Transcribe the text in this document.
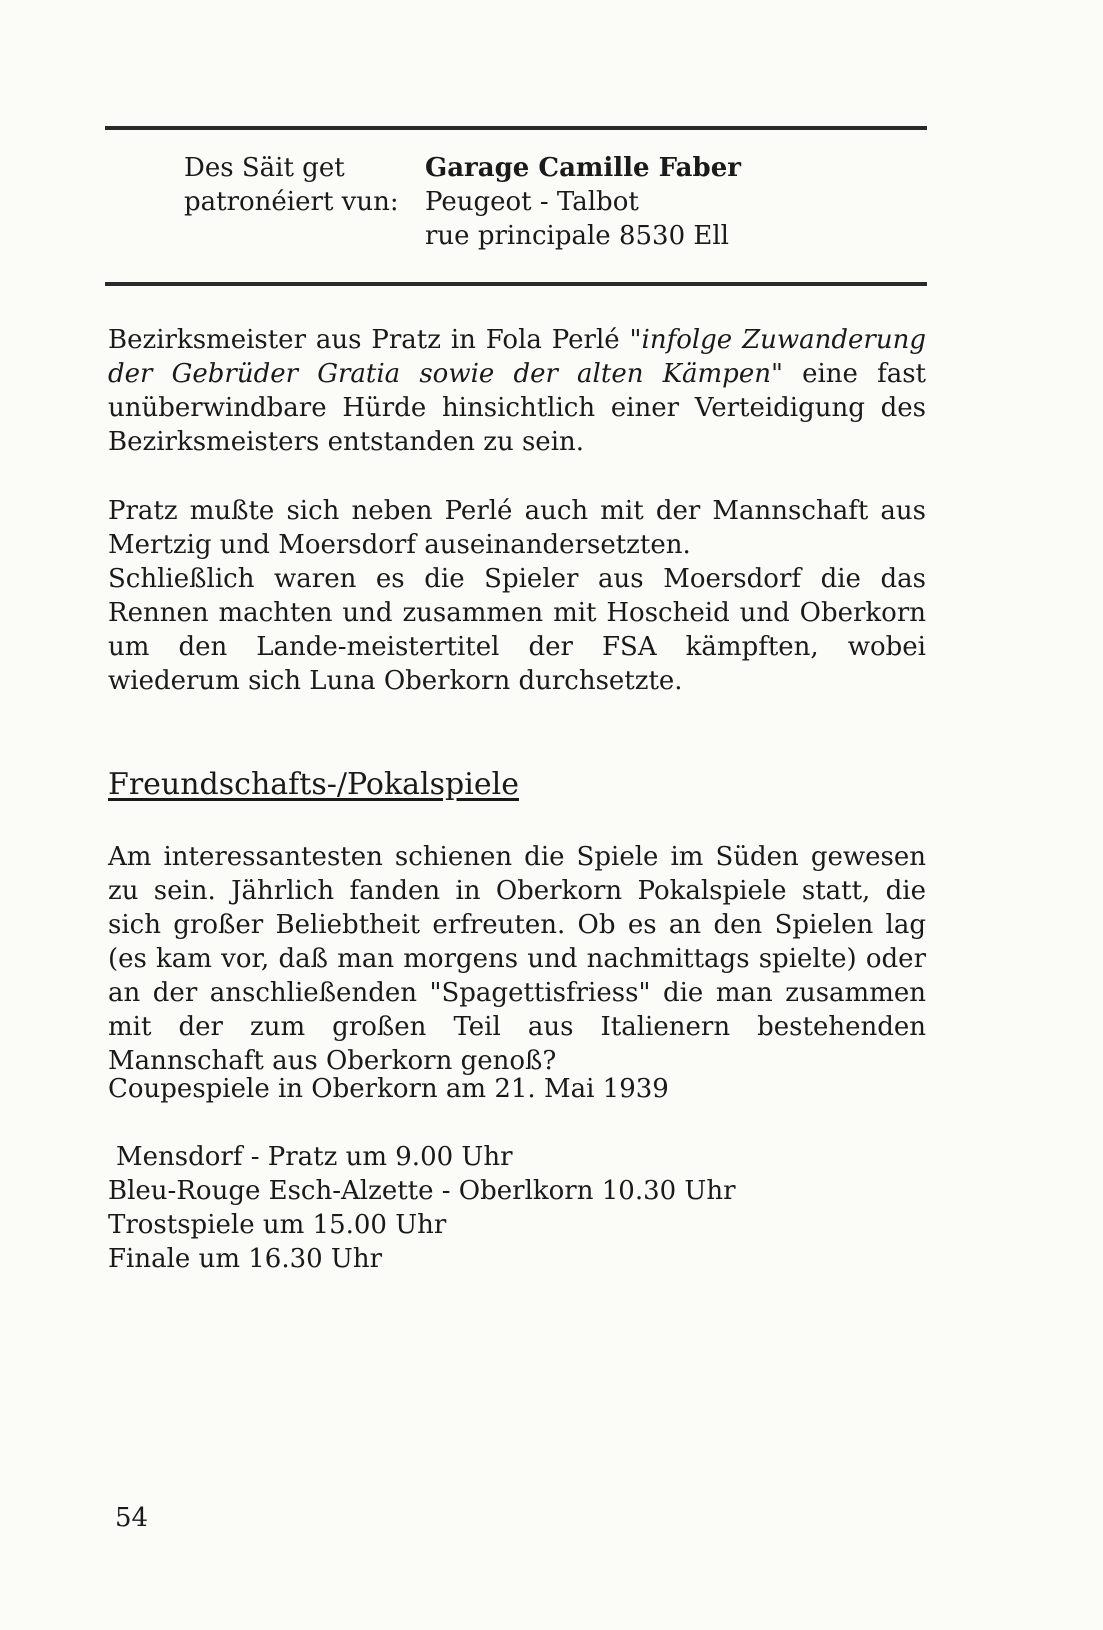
Des Säit get
patronéiert vun:
Garage Camille Faber
Peugeot - Talbot
rue principale 8530 Ell

Bezirksmeister aus Pratz in Fola Perlé "infolge Zuwanderung der Gebrüder Gratia sowie der alten Kämpen" eine fast unüberwindbare Hürde hinsichtlich einer Verteidigung des Bezirksmeisters entstanden zu sein.

Pratz mußte sich neben Perlé auch mit der Mannschaft aus Mertzig und Moersdorf auseinandersetzten.

Schließlich waren es die Spieler aus Moersdorf die das Rennen machten und zusammen mit Hoscheid und Oberkorn um den Lande-meistertitel der FSA kämpften, wobei wiederum sich Luna Oberkorn durchsetzte.

Freundschafts-/Pokalspiele

Am interessantesten schienen die Spiele im Süden gewesen zu sein. Jährlich fanden in Oberkorn Pokalspiele statt, die sich großer Beliebtheit erfreuten. Ob es an den Spielen lag (es kam vor, daß man morgens und nachmittags spielte) oder an der anschließenden "Spagettisfriess" die man zusammen mit der zum großen Teil aus Italienern bestehenden Mannschaft aus Oberkorn genoß?

Coupespiele in Oberkorn am 21. Mai 1939

Mensdorf - Pratz um 9.00 Uhr
Bleu-Rouge Esch-Alzette - Oberlkorn 10.30 Uhr
Trostspiele um 15.00 Uhr
Finale um 16.30 Uhr
54
